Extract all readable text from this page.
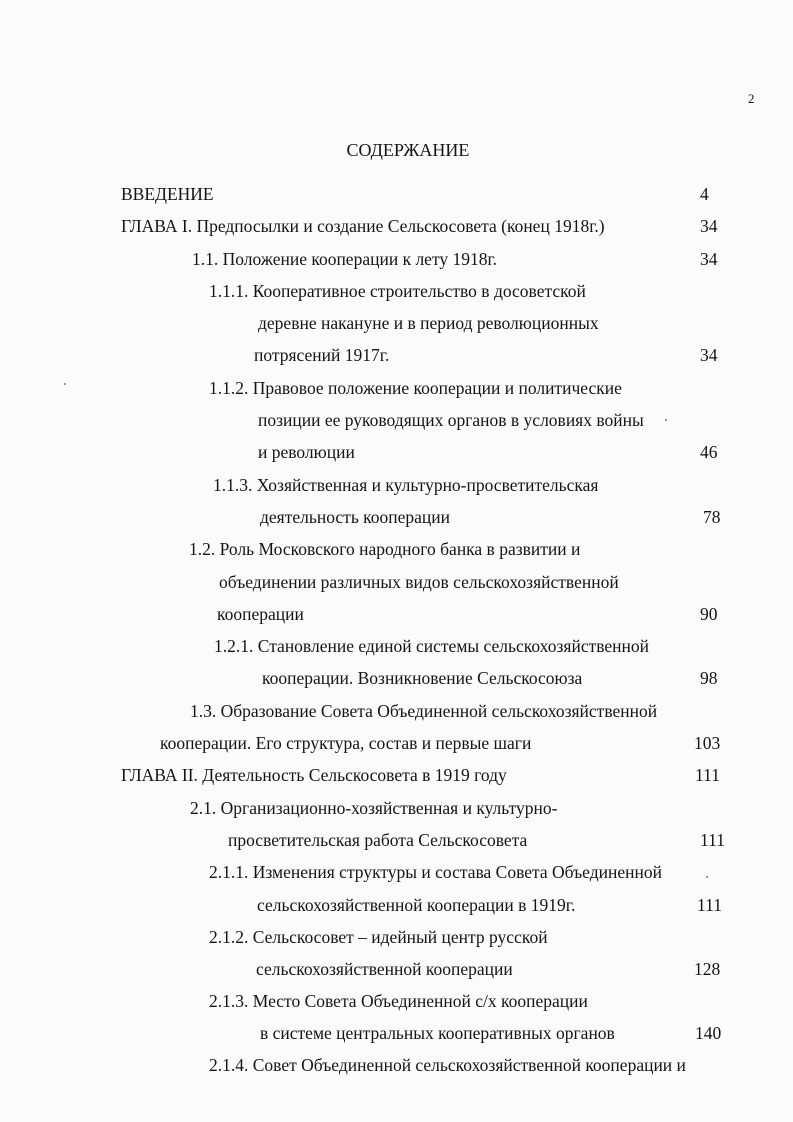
2
СОДЕРЖАНИЕ
ВВЕДЕНИЕ	4
ГЛАВА I. Предпосылки и создание Сельскосовета (конец 1918г.)	34
1.1. Положение кооперации к лету 1918г.	34
1.1.1. Кооперативное строительство в досоветской
деревне накануне и в период революционных
потрясений 1917г.	34
1.1.2. Правовое положение кооперации и политические
позиции ее руководящих органов в условиях войны
и революции	46
1.1.3. Хозяйственная и культурно-просветительская
деятельность кооперации	78
1.2. Роль Московского народного банка в развитии и
объединении различных видов сельскохозяйственной
кооперации	90
1.2.1. Становление единой системы сельскохозяйственной
кооперации. Возникновение Сельскосоюза	98
1.3. Образование Совета Объединенной сельскохозяйственной
кооперации. Его структура, состав и первые шаги	103
ГЛАВА II. Деятельность Сельскосовета в 1919 году	111
2.1. Организационно-хозяйственная и культурно-
просветительская работа Сельскосовета	111
2.1.1. Изменения структуры и состава Совета Объединенной
сельскохозяйственной кооперации в 1919г.	111
2.1.2. Сельскосовет – идейный центр русской
сельскохозяйственной кооперации	128
2.1.3. Место Совета Объединенной с/х кооперации
в системе центральных кооперативных органов	140
2.1.4. Совет Объединенной сельскохозяйственной кооперации и
